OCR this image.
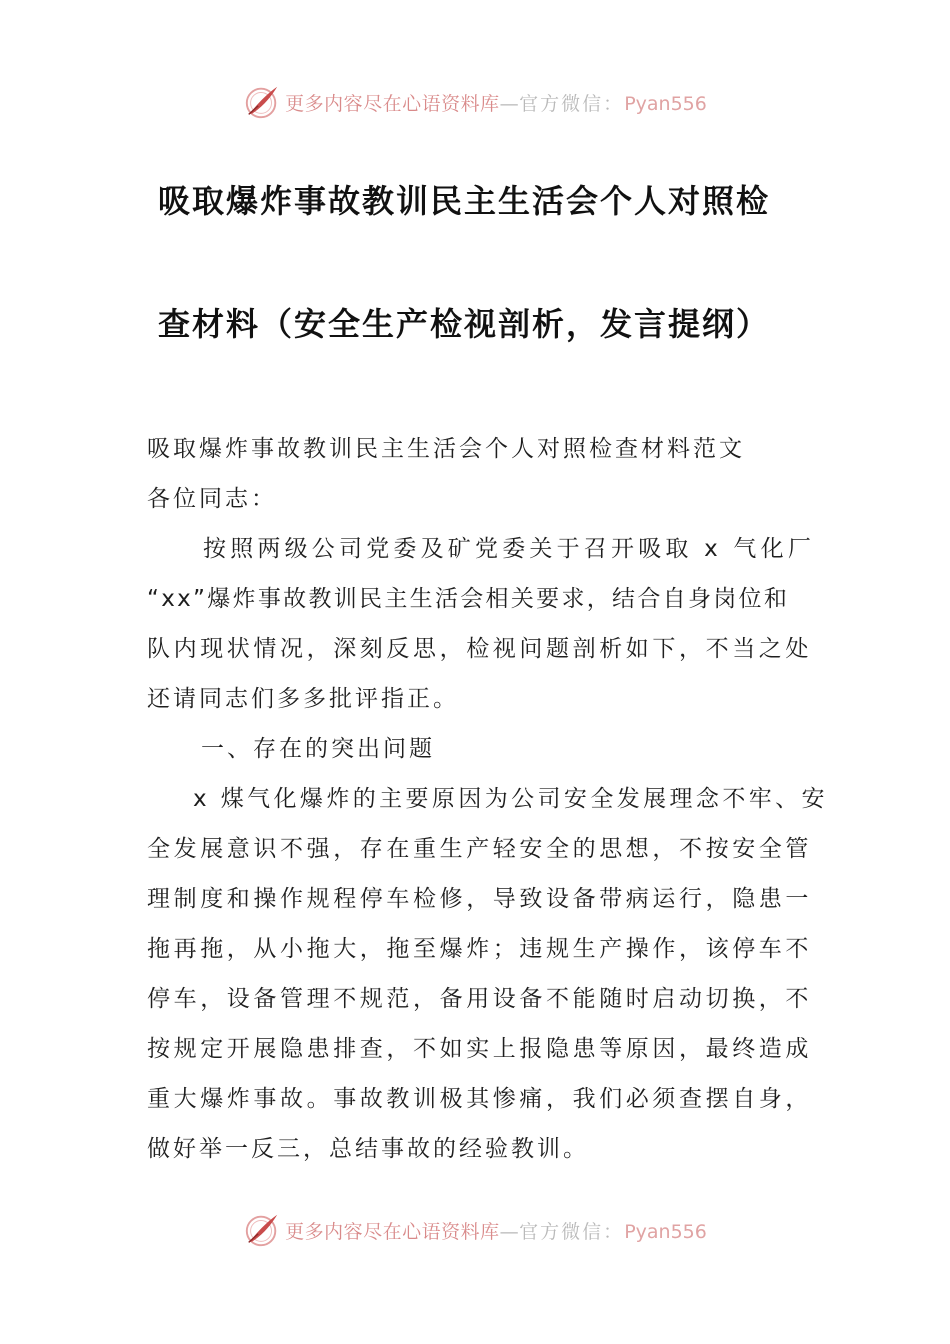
更多内容尽在心语资料库—官方微信：Pyan556
吸取爆炸事故教训民主生活会个人对照检
查材料（安全生产检视剖析，发言提纲）
吸取爆炸事故教训民主生活会个人对照检查材料范文
各位同志：
按照两级公司党委及矿党委关于召开吸取 x 气化厂
“xx”爆炸事故教训民主生活会相关要求，结合自身岗位和
队内现状情况，深刻反思，检视问题剖析如下，不当之处
还请同志们多多批评指正。
一、存在的突出问题
x 煤气化爆炸的主要原因为公司安全发展理念不牢、安
全发展意识不强，存在重生产轻安全的思想，不按安全管
理制度和操作规程停车检修，导致设备带病运行，隐患一
拖再拖，从小拖大，拖至爆炸；违规生产操作，该停车不
停车，设备管理不规范，备用设备不能随时启动切换，不
按规定开展隐患排查，不如实上报隐患等原因，最终造成
重大爆炸事故。事故教训极其惨痛，我们必须查摆自身，
做好举一反三，总结事故的经验教训。
更多内容尽在心语资料库—官方微信：Pyan556
